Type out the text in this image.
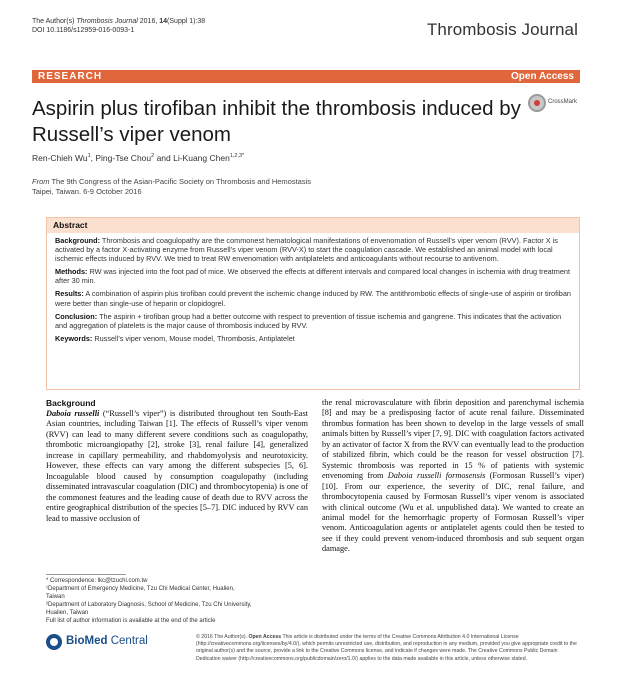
The Author(s) Thrombosis Journal 2016, 14(Suppl 1):38
DOI 10.1186/s12959-016-0093-1	Thrombosis Journal
RESEARCH	Open Access
Aspirin plus tirofiban inhibit the thrombosis induced by Russell’s viper venom
CrossMark
Ren-Chieh Wu$^1$, Ping-Tse Chou$^2$ and Li-Kuang Chen$^{1,2,3*}$
From The 9th Congress of the Asian-Pacific Society on Thrombosis and Hemostasis
Taipei, Taiwan. 6-9 October 2016
Abstract

Background: Thrombosis and coagulopathy are the commonest hematological manifestations of envenomation of Russell’s viper venom (RVV). Factor X is activated by a factor X-activating enzyme from Russell’s viper venom (RVV-X) to start the coagulation cascade. We established an animal model with local ischemic effects induced by RVV. We tried to treat RW envenomation with antiplatelets and anticoagulants without recourse to antivenom.

Methods: RW was injected into the foot pad of mice. We observed the effects at different intervals and compared local changes in ischemia with drug treatment after 30 min.

Results: A combination of aspirin plus tirofiban could prevent the ischemic change induced by RW. The antithrombotic effects of single-use of aspirin or tirofiban were better than single-use of heparin or clopidogrel.

Conclusion: The aspirin + tirofiban group had a better outcome with respect to prevention of tissue ischemia and gangrene. This indicates that the activation and aggregation of platelets is the major cause of thrombosis induced by RVV.

Keywords: Russell’s viper venom, Mouse model, Thrombosis, Antiplatelet

Background

Daboia russelli (“Russell’s viper”) is distributed throughout ten South-East Asian countries, including Taiwan [1]. The effects of Russell’s viper venom (RVV) can lead to many different severe conditions such as coagulopathy, thrombotic microangiopathy [2], stroke [3], renal failure [4], generalized increase in capillary permeability, and rhabdomyolysis and neurotoxicity. However, these effects can vary among the different subspecies [5, 6]. Incoagulable blood caused by consumption coagulopathy (including disseminated intravascular coagulation (DIC) and thrombocytopenia) is one of the commonest features and the leading cause of death due to RVV across the entire geographical distribution of the species [5–7]. DIC induced by RVV can lead to massive occlusion of

the renal microvasculature with fibrin deposition and parenchymal ischemia [8] and may be a predisposing factor of acute renal failure. Disseminated thrombus formation has been shown to develop in the large vessels of small animals bitten by Russell’s viper [7, 9]. DIC with coagulation factors activated by an activator of factor X from the RVV can eventually lead to the production of stabilized fibrin, which could be the reason for vessel obstruction [7]. Systemic thrombosis was reported in 15 % of patients with systemic envenoming from Daboia russelli formosensis (Formosan Russell’s viper) [10]. From our experience, the severity of DIC, renal failure, and thrombocytopenia caused by Formosan Russell’s viper venom is associated with clinical outcome (Wu et al. unpublished data). We wanted to create an animal model for the hemorrhagic property of Formosan Russell’s viper venom. Anticoagulation agents or antiplatelet agents could then be tested to see if they could prevent venom-induced thrombosis and sub sequent organ damage.

* Correspondence: lkc@tzuchi.com.tw
¹Department of Emergency Medicine, Tzu Chi Medical Center, Hualien,
Taiwan
²Department of Laboratory Diagnosis, School of Medicine, Tzu Chi University,
Hualien, Taiwan
Full list of author information is available at the end of the article
BioMed Central	© 2016 The Author(s). Open Access This article is distributed under the terms of the Creative Commons Attribution 4.0 International License (http://creativecommons.org/licenses/by/4.0/), which permits unrestricted use, distribution, and reproduction in any medium, provided you give appropriate credit to the original author(s) and the source, provide a link to the Creative Commons license, and indicate if changes were made. The Creative Commons Public Domain Dedication waiver (http://creativecommons.org/publicdomain/zero/1.0/) applies to the data made available in this article, unless otherwise stated.
